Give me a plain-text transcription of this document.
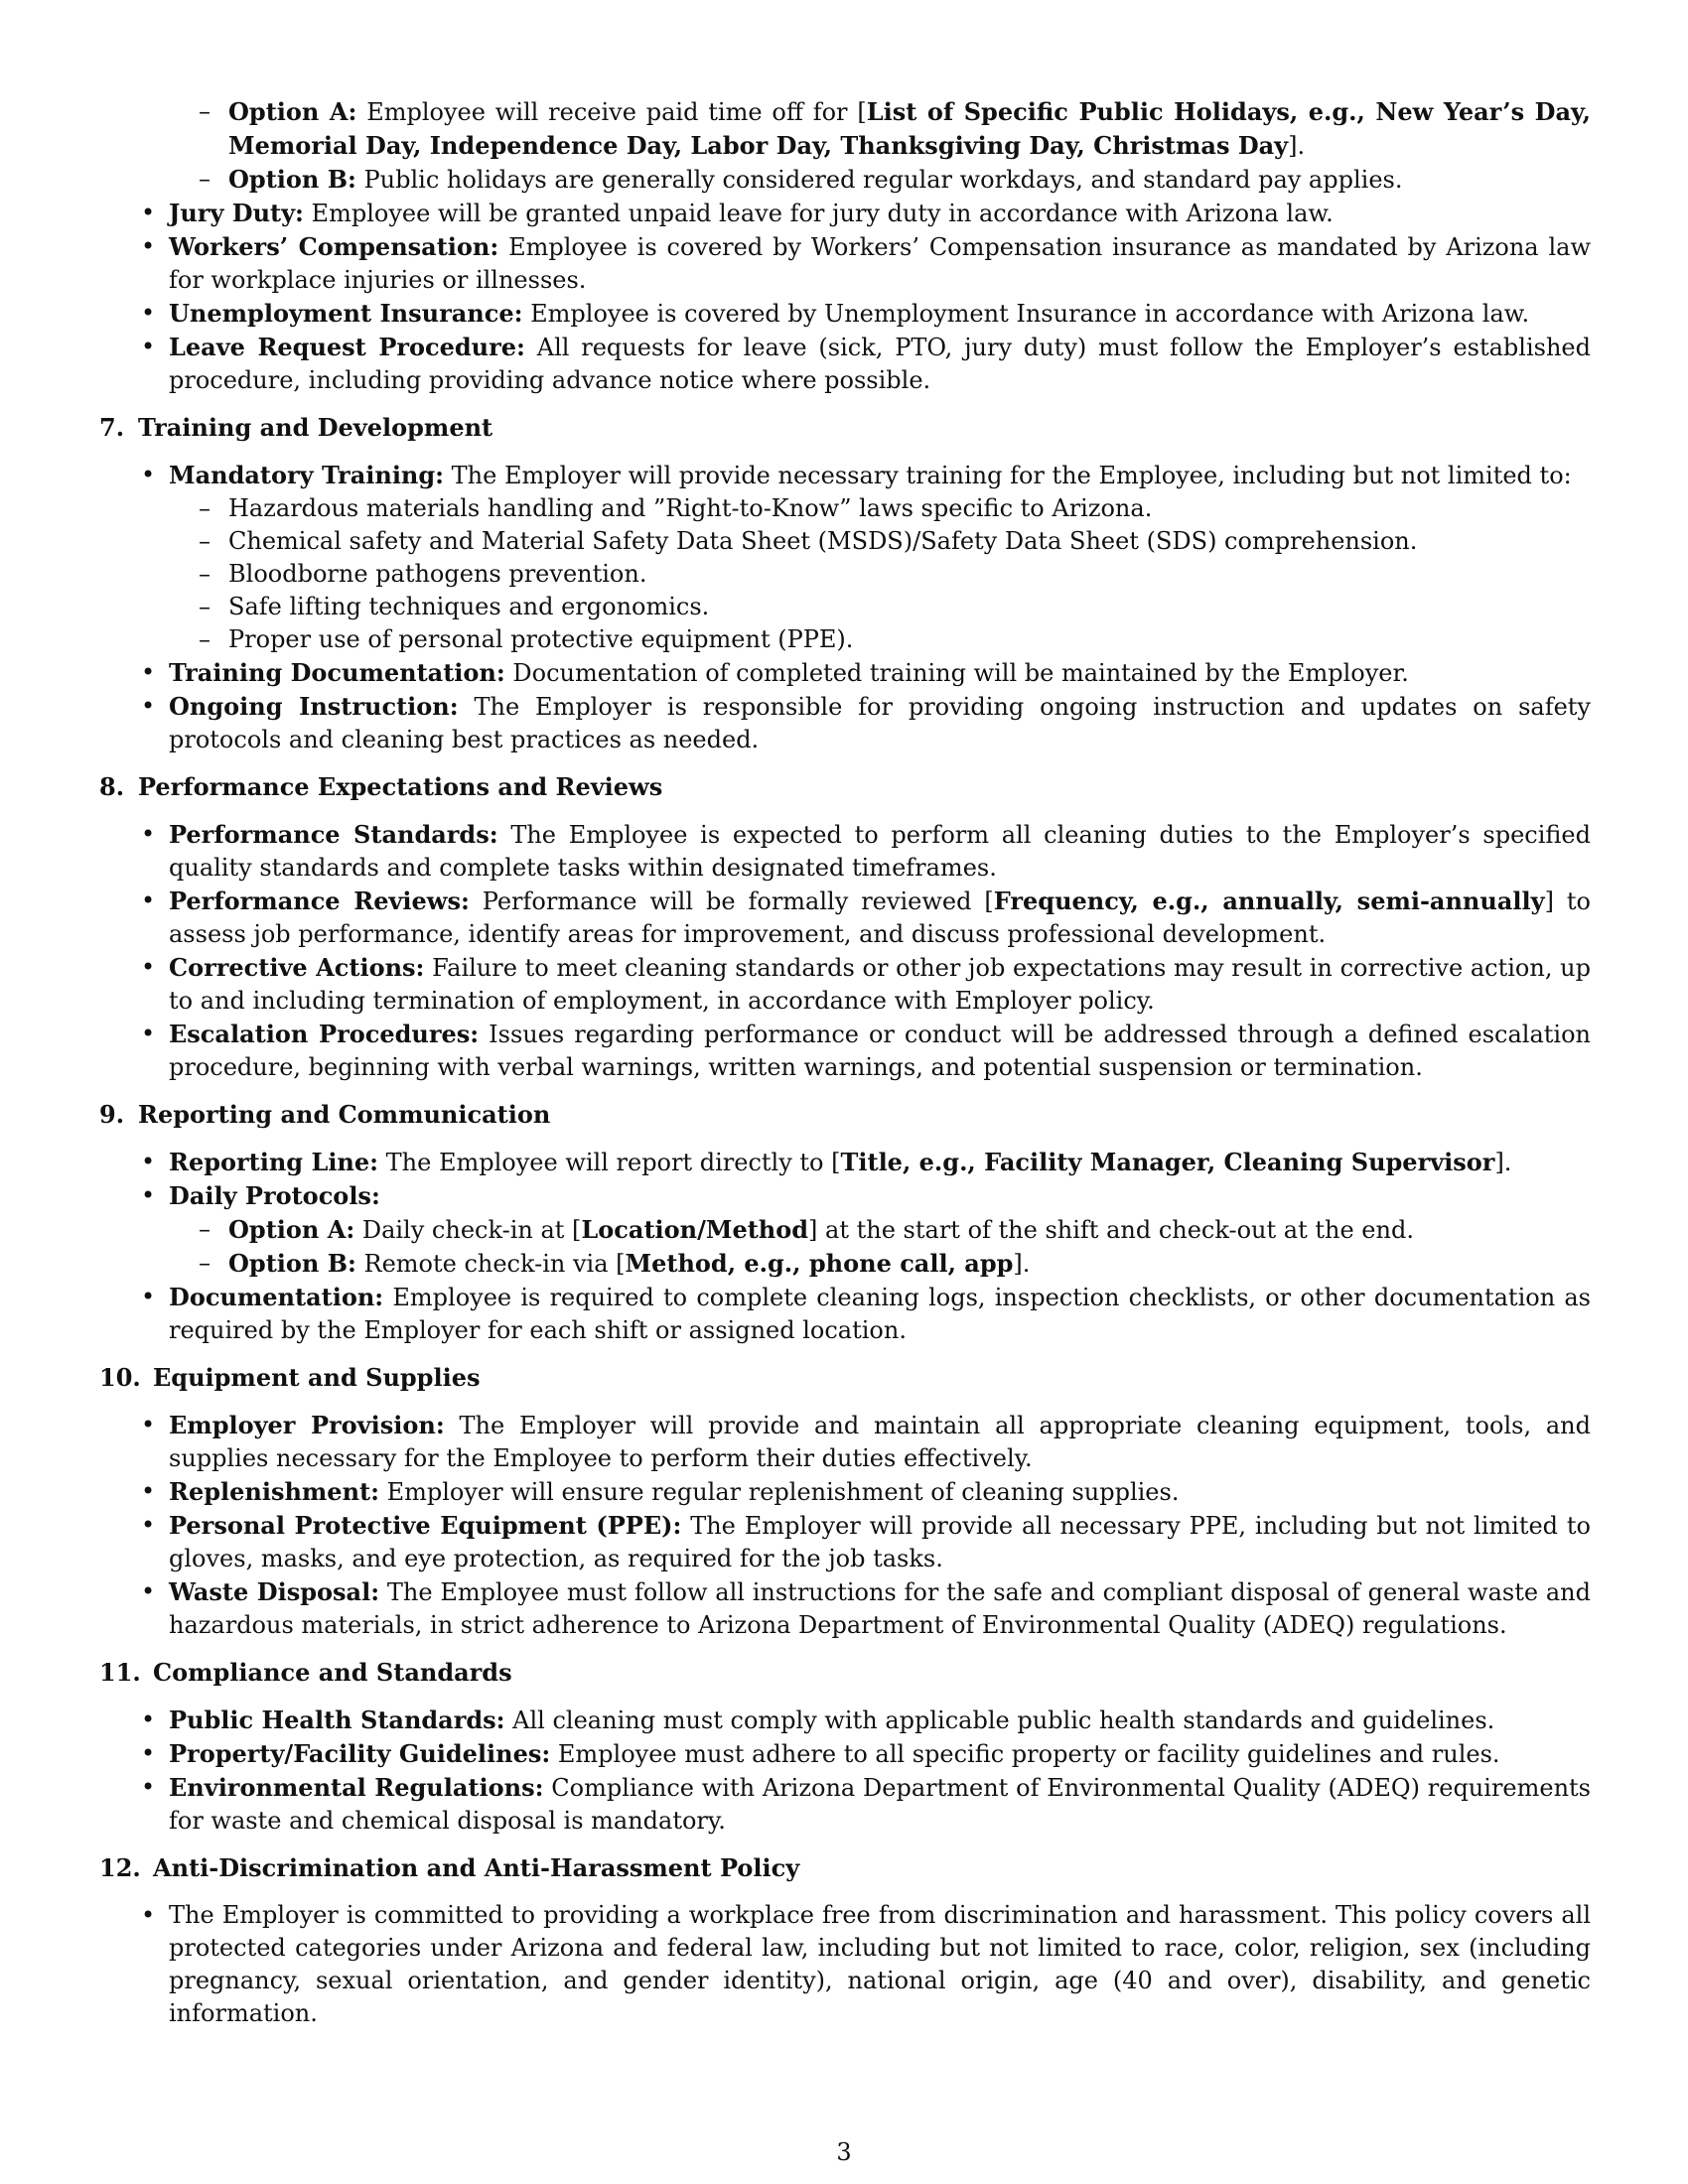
– Option A: Employee will receive paid time off for [List of Specific Public Holidays, e.g., New Year’s Day, Memorial Day, Independence Day, Labor Day, Thanksgiving Day, Christmas Day].
– Option B: Public holidays are generally considered regular workdays, and standard pay applies.
• Jury Duty: Employee will be granted unpaid leave for jury duty in accordance with Arizona law.
• Workers’ Compensation: Employee is covered by Workers’ Compensation insurance as mandated by Arizona law for workplace injuries or illnesses.
• Unemployment Insurance: Employee is covered by Unemployment Insurance in accordance with Arizona law.
• Leave Request Procedure: All requests for leave (sick, PTO, jury duty) must follow the Employer’s established procedure, including providing advance notice where possible.
7. Training and Development
• Mandatory Training: The Employer will provide necessary training for the Employee, including but not limited to:
– Hazardous materials handling and ”Right-to-Know” laws specific to Arizona.
– Chemical safety and Material Safety Data Sheet (MSDS)/Safety Data Sheet (SDS) comprehension.
– Bloodborne pathogens prevention.
– Safe lifting techniques and ergonomics.
– Proper use of personal protective equipment (PPE).
• Training Documentation: Documentation of completed training will be maintained by the Employer.
• Ongoing Instruction: The Employer is responsible for providing ongoing instruction and updates on safety protocols and cleaning best practices as needed.
8. Performance Expectations and Reviews
• Performance Standards: The Employee is expected to perform all cleaning duties to the Employer’s specified quality standards and complete tasks within designated timeframes.
• Performance Reviews: Performance will be formally reviewed [Frequency, e.g., annually, semi-annually] to assess job performance, identify areas for improvement, and discuss professional development.
• Corrective Actions: Failure to meet cleaning standards or other job expectations may result in corrective action, up to and including termination of employment, in accordance with Employer policy.
• Escalation Procedures: Issues regarding performance or conduct will be addressed through a defined escalation procedure, beginning with verbal warnings, written warnings, and potential suspension or termination.
9. Reporting and Communication
• Reporting Line: The Employee will report directly to [Title, e.g., Facility Manager, Cleaning Supervisor].
• Daily Protocols:
– Option A: Daily check-in at [Location/Method] at the start of the shift and check-out at the end.
– Option B: Remote check-in via [Method, e.g., phone call, app].
• Documentation: Employee is required to complete cleaning logs, inspection checklists, or other documentation as required by the Employer for each shift or assigned location.
10. Equipment and Supplies
• Employer Provision: The Employer will provide and maintain all appropriate cleaning equipment, tools, and supplies necessary for the Employee to perform their duties effectively.
• Replenishment: Employer will ensure regular replenishment of cleaning supplies.
• Personal Protective Equipment (PPE): The Employer will provide all necessary PPE, including but not limited to gloves, masks, and eye protection, as required for the job tasks.
• Waste Disposal: The Employee must follow all instructions for the safe and compliant disposal of general waste and hazardous materials, in strict adherence to Arizona Department of Environmental Quality (ADEQ) regulations.
11. Compliance and Standards
• Public Health Standards: All cleaning must comply with applicable public health standards and guidelines.
• Property/Facility Guidelines: Employee must adhere to all specific property or facility guidelines and rules.
• Environmental Regulations: Compliance with Arizona Department of Environmental Quality (ADEQ) requirements for waste and chemical disposal is mandatory.
12. Anti-Discrimination and Anti-Harassment Policy
• The Employer is committed to providing a workplace free from discrimination and harassment. This policy covers all protected categories under Arizona and federal law, including but not limited to race, color, religion, sex (including pregnancy, sexual orientation, and gender identity), national origin, age (40 and over), disability, and genetic information.
3
